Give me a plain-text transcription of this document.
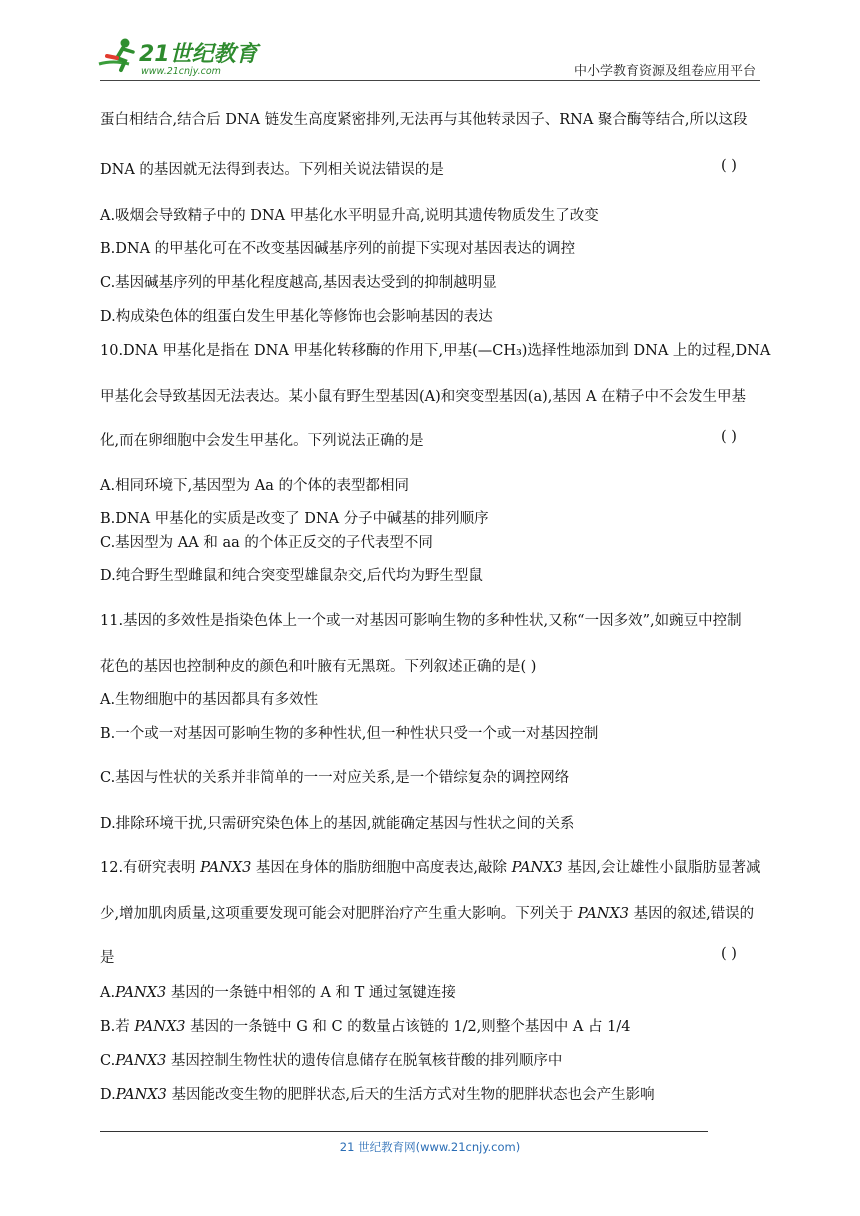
21世纪教育
www.21cnjy.com	中小学教育资源及组卷应用平台
蛋白相结合,结合后 DNA 链发生高度紧密排列,无法再与其他转录因子、RNA 聚合酶等结合,所以这段
DNA 的基因就无法得到表达。下列相关说法错误的是	( )
A.吸烟会导致精子中的 DNA 甲基化水平明显升高,说明其遗传物质发生了改变
B.DNA 的甲基化可在不改变基因碱基序列的前提下实现对基因表达的调控
C.基因碱基序列的甲基化程度越高,基因表达受到的抑制越明显
D.构成染色体的组蛋白发生甲基化等修饰也会影响基因的表达
10.DNA 甲基化是指在 DNA 甲基化转移酶的作用下,甲基(—CH₃)选择性地添加到 DNA 上的过程,DNA
甲基化会导致基因无法表达。某小鼠有野生型基因(A)和突变型基因(a),基因 A 在精子中不会发生甲基
化,而在卵细胞中会发生甲基化。下列说法正确的是	( )
A.相同环境下,基因型为 Aa 的个体的表型都相同
B.DNA 甲基化的实质是改变了 DNA 分子中碱基的排列顺序
C.基因型为 AA 和 aa 的个体正反交的子代表型不同
D.纯合野生型雌鼠和纯合突变型雄鼠杂交,后代均为野生型鼠
11.基因的多效性是指染色体上一个或一对基因可影响生物的多种性状,又称“一因多效”,如豌豆中控制
花色的基因也控制种皮的颜色和叶腋有无黑斑。下列叙述正确的是( )
A.生物细胞中的基因都具有多效性
B.一个或一对基因可影响生物的多种性状,但一种性状只受一个或一对基因控制
C.基因与性状的关系并非简单的一一对应关系,是一个错综复杂的调控网络
D.排除环境干扰,只需研究染色体上的基因,就能确定基因与性状之间的关系
12.有研究表明 PANX3 基因在身体的脂肪细胞中高度表达,敲除 PANX3 基因,会让雄性小鼠脂肪显著减
少,增加肌肉质量,这项重要发现可能会对肥胖治疗产生重大影响。下列关于 PANX3 基因的叙述,错误的
是	( )
A.PANX3 基因的一条链中相邻的 A 和 T 通过氢键连接
B.若 PANX3 基因的一条链中 G 和 C 的数量占该链的 1/2,则整个基因中 A 占 1/4
C.PANX3 基因控制生物性状的遗传信息储存在脱氧核苷酸的排列顺序中
D.PANX3 基因能改变生物的肥胖状态,后天的生活方式对生物的肥胖状态也会产生影响
21 世纪教育网(www.21cnjy.com)
